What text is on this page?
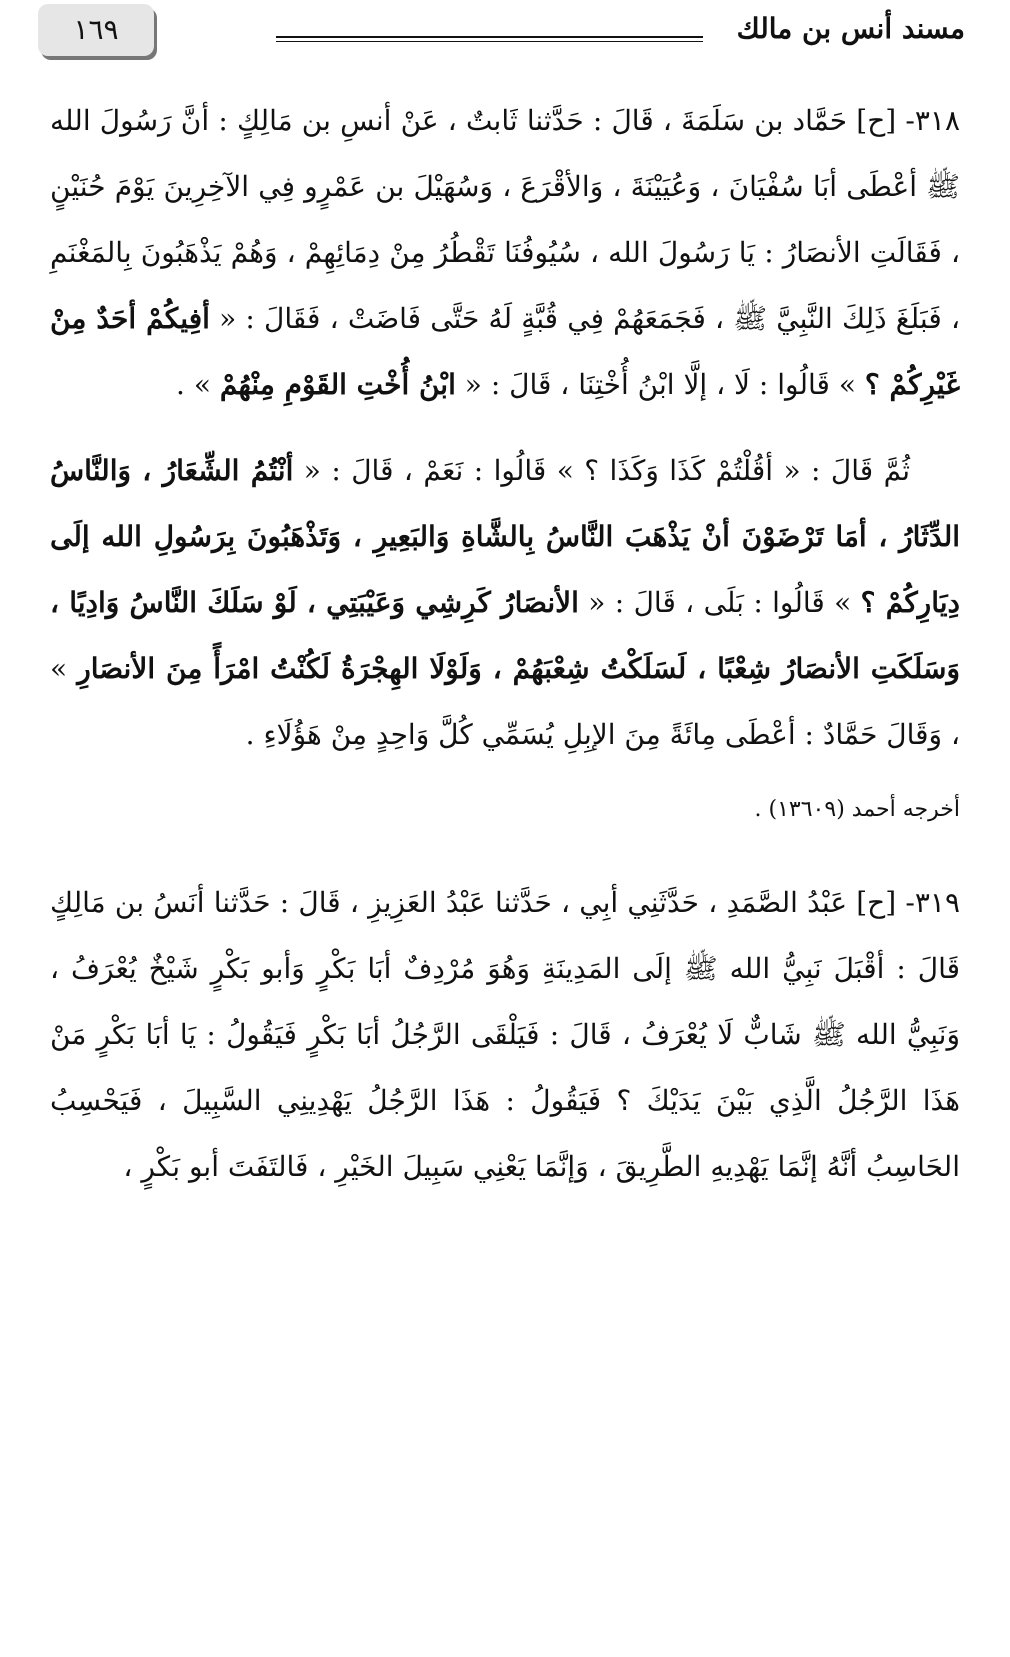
مسند أنس بن مالك
١٦٩

٣١٨- [ح] حَمَّاد بن سَلَمَةَ ، قَالَ : حَدَّثنا ثَابتٌ ، عَنْ أنسِ بن مَالِكٍ : أنَّ رَسُولَ الله ﷺ أعْطَى أبَا سُفْيَانَ ، وَعُيَيْنَةَ ، وَالأقْرَعَ ، وَسُهَيْلَ بن عَمْرٍو فِي الآخِرِينَ يَوْمَ حُنَيْنٍ ، فَقَالَتِ الأنصَارُ : يَا رَسُولَ الله ، سُيُوفُنَا تَقْطُرُ مِنْ دِمَائِهِمْ ، وَهُمْ يَذْهَبُونَ بِالمَغْنَمِ ، فَبَلَغَ ذَلِكَ النَّبِيَّ ﷺ ، فَجَمَعَهُمْ فِي قُبَّةٍ لَهُ حَتَّى فَاضَتْ ، فَقَالَ : « أفِيكُمْ أحَدٌ مِنْ غَيْرِكُمْ ؟ » قَالُوا : لَا ، إلَّا ابْنُ أُخْتِنَا ، قَالَ : « ابْنُ أُخْتِ القَوْمِ مِنْهُمْ » .

ثُمَّ قَالَ : « أقُلْتُمْ كَذَا وَكَذَا ؟ » قَالُوا : نَعَمْ ، قَالَ : « أنْتُمُ الشِّعَارُ ، وَالنَّاسُ الدِّثَارُ ، أمَا تَرْضَوْنَ أنْ يَذْهَبَ النَّاسُ بِالشَّاةِ وَالبَعِيرِ ، وَتَذْهَبُونَ بِرَسُولِ الله إلَى دِيَارِكُمْ ؟ » قَالُوا : بَلَى ، قَالَ : « الأنصَارُ كَرِشِي وَعَيْبَتِي ، لَوْ سَلَكَ النَّاسُ وَادِيًا ، وَسَلَكَتِ الأنصَارُ شِعْبًا ، لَسَلَكْتُ شِعْبَهُمْ ، وَلَوْلَا الهِجْرَةُ لَكُنْتُ امْرَأً مِنَ الأنصَارِ » ، وَقَالَ حَمَّادٌ : أعْطَى مِائَةً مِنَ الإبِلِ يُسَمِّي كُلَّ وَاحِدٍ مِنْ هَؤُلَاءِ .

أخرجه أحمد (١٣٦٠٩) .

٣١٩- [ح] عَبْدُ الصَّمَدِ ، حَدَّثَنِي أبِي ، حَدَّثنا عَبْدُ العَزِيزِ ، قَالَ : حَدَّثنا أنَسُ بن مَالِكٍ قَالَ : أقْبَلَ نَبِيُّ الله ﷺ إلَى المَدِينَةِ وَهُوَ مُرْدِفٌ أبَا بَكْرٍ وَأبو بَكْرٍ شَيْخٌ يُعْرَفُ ، وَنَبِيُّ الله ﷺ شَابٌّ لَا يُعْرَفُ ، قَالَ : فَيَلْقَى الرَّجُلُ أبَا بَكْرٍ فَيَقُولُ : يَا أبَا بَكْرٍ مَنْ هَذَا الرَّجُلُ الَّذِي بَيْنَ يَدَيْكَ ؟ فَيَقُولُ : هَذَا الرَّجُلُ يَهْدِينِي السَّبِيلَ ، فَيَحْسِبُ الحَاسِبُ أنَّهُ إنَّمَا يَهْدِيهِ الطَّرِيقَ ، وَإنَّمَا يَعْنِي سَبِيلَ الخَيْرِ ، فَالتَفَتَ أبو بَكْرٍ ،
